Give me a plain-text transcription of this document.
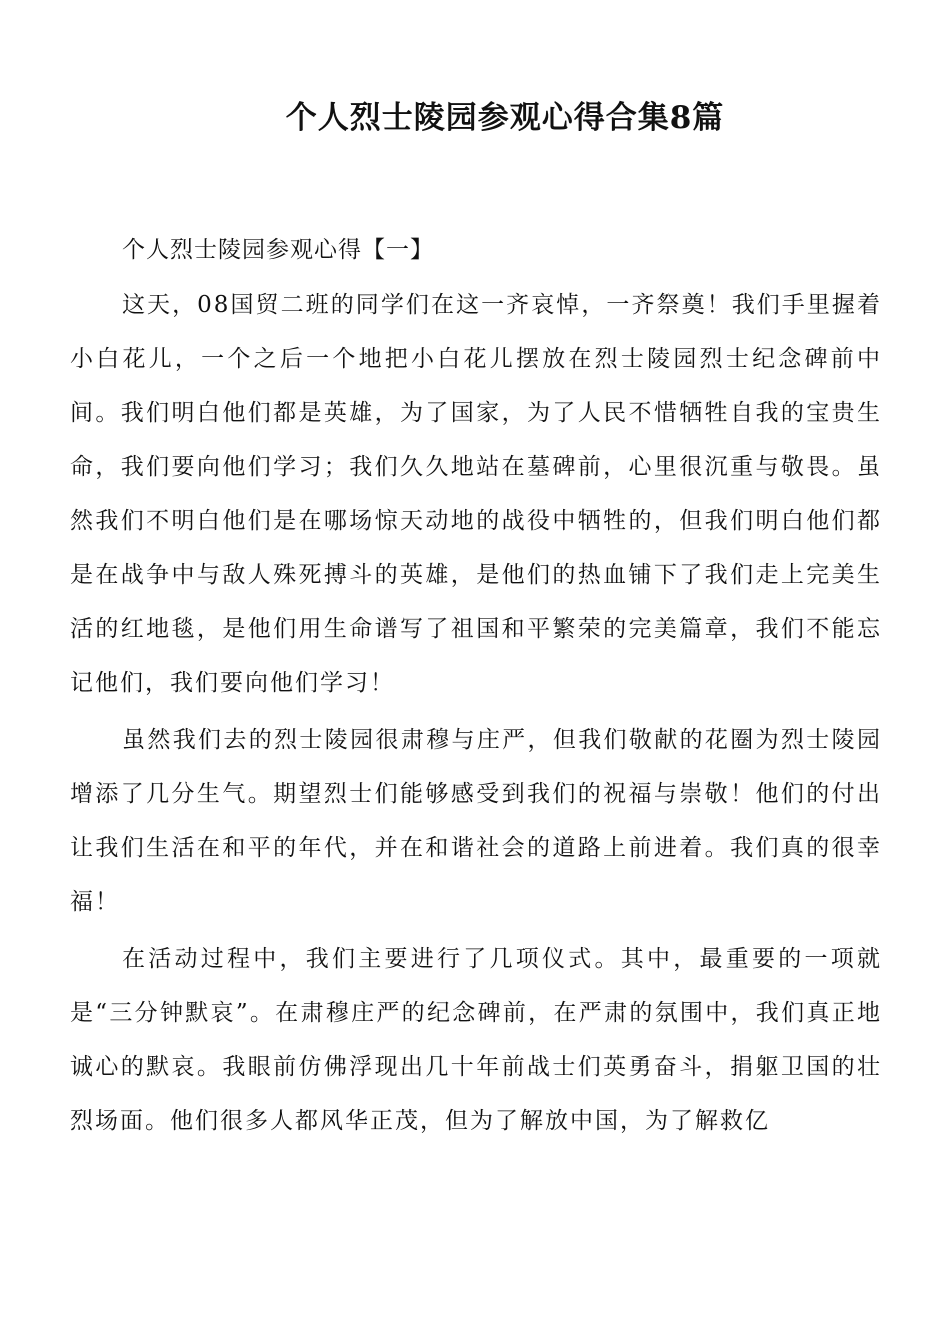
个人烈士陵园参观心得合集8篇

个人烈士陵园参观心得【一】

这天，08国贸二班的同学们在这一齐哀悼，一齐祭奠！我们手里握着小白花儿，一个之后一个地把小白花儿摆放在烈士陵园烈士纪念碑前中间。我们明白他们都是英雄，为了国家，为了人民不惜牺牲自我的宝贵生命，我们要向他们学习；我们久久地站在墓碑前，心里很沉重与敬畏。虽然我们不明白他们是在哪场惊天动地的战役中牺牲的，但我们明白他们都是在战争中与敌人殊死搏斗的英雄，是他们的热血铺下了我们走上完美生活的红地毯，是他们用生命谱写了祖国和平繁荣的完美篇章，我们不能忘记他们，我们要向他们学习！

虽然我们去的烈士陵园很肃穆与庄严，但我们敬献的花圈为烈士陵园增添了几分生气。期望烈士们能够感受到我们的祝福与崇敬！他们的付出让我们生活在和平的年代，并在和谐社会的道路上前进着。我们真的很幸福！

在活动过程中，我们主要进行了几项仪式。其中，最重要的一项就是“三分钟默哀”。在肃穆庄严的纪念碑前，在严肃的氛围中，我们真正地诚心的默哀。我眼前仿佛浮现出几十年前战士们英勇奋斗，捐躯卫国的壮烈场面。他们很多人都风华正茂，但为了解放中国，为了解救亿
